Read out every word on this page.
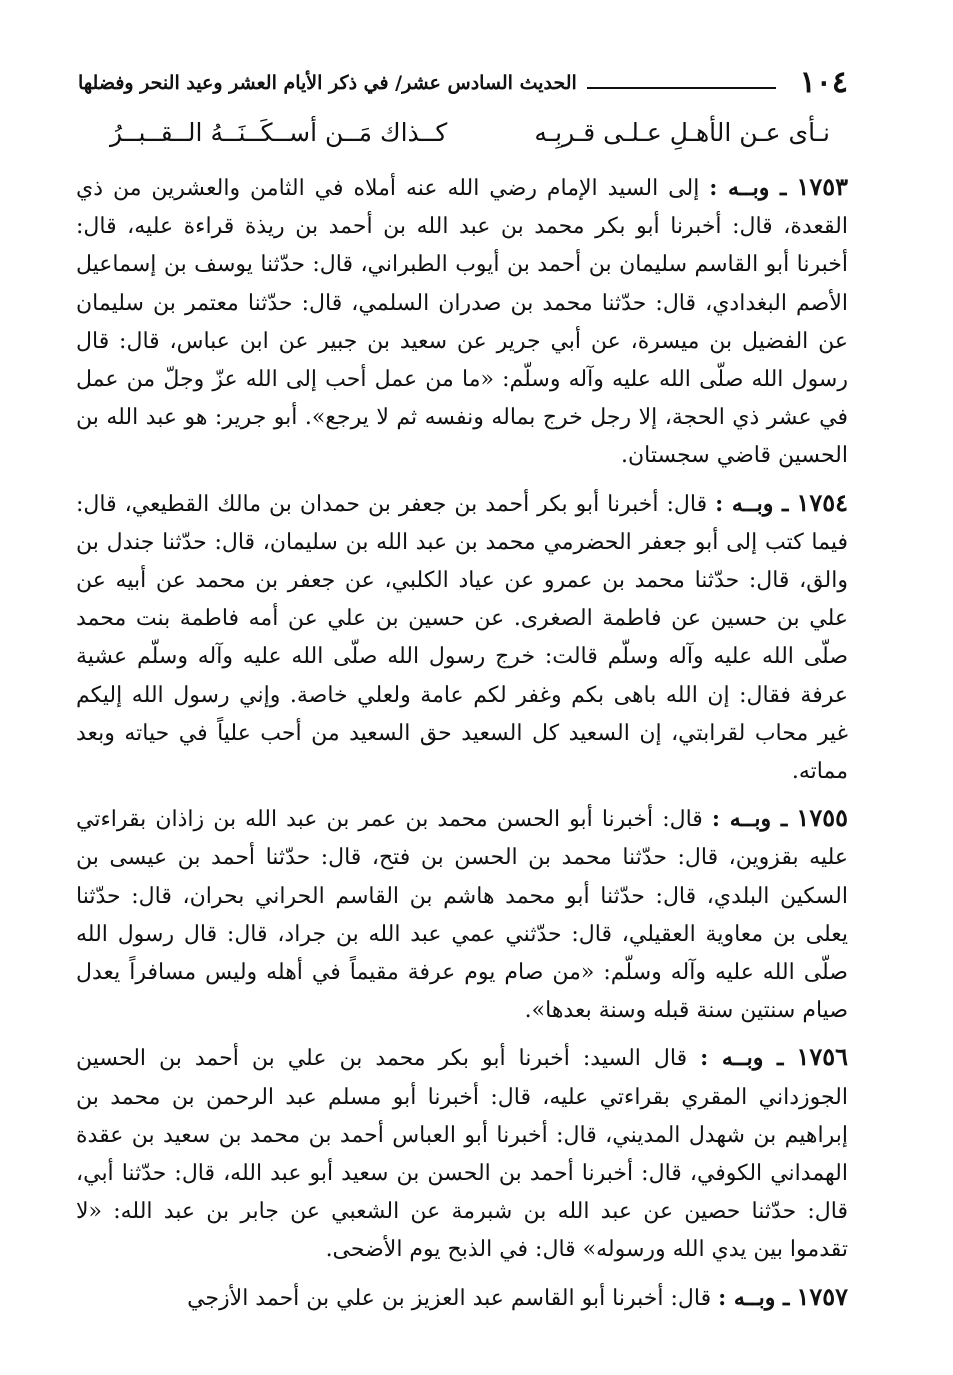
١٠٤
الحديث السادس عشر/ في ذكر الأيام العشر وعيد النحر وفضلها
نـأى عـن الأهـلِ عـلـى قـربِـه
كــذاك مَــن أســكَــنَــهُ الــقــبــرُ

١٧٥٣ ـ وبــه : إلى السيد الإمام رضي الله عنه أملاه في الثامن والعشرين من ذي القعدة، قال: أخبرنا أبو بكر محمد بن عبد الله بن أحمد بن ريذة قراءة عليه، قال: أخبرنا أبو القاسم سليمان بن أحمد بن أيوب الطبراني، قال: حدّثنا يوسف بن إسماعيل الأصم البغدادي، قال: حدّثنا محمد بن صدران السلمي، قال: حدّثنا معتمر بن سليمان عن الفضيل بن ميسرة، عن أبي جرير عن سعيد بن جبير عن ابن عباس، قال: قال رسول الله صلّى الله عليه وآله وسلّم: «ما من عمل أحب إلى الله عزّ وجلّ من عمل في عشر ذي الحجة، إلا رجل خرج بماله ونفسه ثم لا يرجع». أبو جرير: هو عبد الله بن الحسين قاضي سجستان.

١٧٥٤ ـ وبــه : قال: أخبرنا أبو بكر أحمد بن جعفر بن حمدان بن مالك القطيعي، قال: فيما كتب إلى أبو جعفر الحضرمي محمد بن عبد الله بن سليمان، قال: حدّثنا جندل بن والق، قال: حدّثنا محمد بن عمرو عن عياد الكلبي، عن جعفر بن محمد عن أبيه عن علي بن حسين عن فاطمة الصغرى. عن حسين بن علي عن أمه فاطمة بنت محمد صلّى الله عليه وآله وسلّم قالت: خرج رسول الله صلّى الله عليه وآله وسلّم عشية عرفة فقال: إن الله باهى بكم وغفر لكم عامة ولعلي خاصة. وإني رسول الله إليكم غير محاب لقرابتي، إن السعيد كل السعيد حق السعيد من أحب علياً في حياته وبعد مماته.

١٧٥٥ ـ وبــه : قال: أخبرنا أبو الحسن محمد بن عمر بن عبد الله بن زاذان بقراءتي عليه بقزوين، قال: حدّثنا محمد بن الحسن بن فتح، قال: حدّثنا أحمد بن عيسى بن السكين البلدي، قال: حدّثنا أبو محمد هاشم بن القاسم الحراني بحران، قال: حدّثنا يعلى بن معاوية العقيلي، قال: حدّثني عمي عبد الله بن جراد، قال: قال رسول الله صلّى الله عليه وآله وسلّم: «من صام يوم عرفة مقيماً في أهله وليس مسافراً يعدل صيام سنتين سنة قبله وسنة بعدها».

١٧٥٦ ـ وبــه : قال السيد: أخبرنا أبو بكر محمد بن علي بن أحمد بن الحسين الجوزداني المقري بقراءتي عليه، قال: أخبرنا أبو مسلم عبد الرحمن بن محمد بن إبراهيم بن شهدل المديني، قال: أخبرنا أبو العباس أحمد بن محمد بن سعيد بن عقدة الهمداني الكوفي، قال: أخبرنا أحمد بن الحسن بن سعيد أبو عبد الله، قال: حدّثنا أبي، قال: حدّثنا حصين عن عبد الله بن شبرمة عن الشعبي عن جابر بن عبد الله: «لا تقدموا بين يدي الله ورسوله» قال: في الذبح يوم الأضحى.

١٧٥٧ ـ وبــه : قال: أخبرنا أبو القاسم عبد العزيز بن علي بن أحمد الأزجي
